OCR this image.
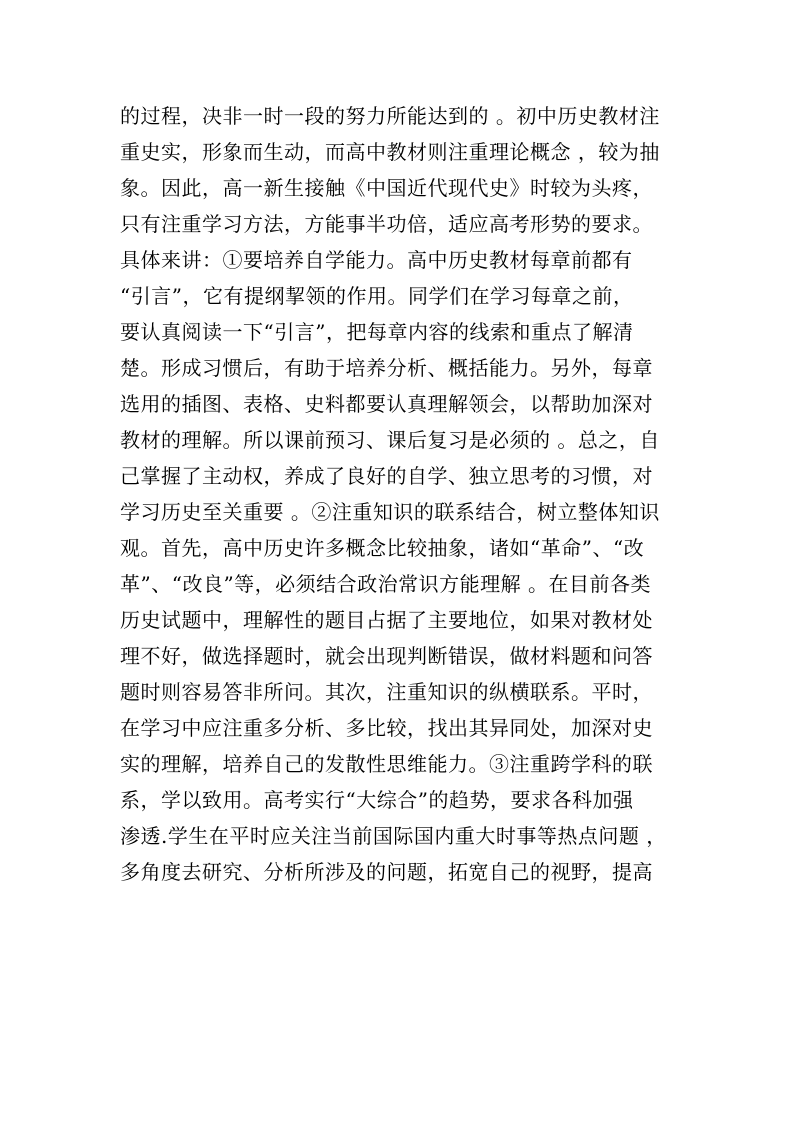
的过程，决非一时一段的努力所能达到的 。初中历史教材注
重史实，形象而生动，而高中教材则注重理论概念 ，较为抽
象。因此，高一新生接触《中国近代现代史》时较为头疼，
只有注重学习方法，方能事半功倍，适应高考形势的要求。
具体来讲：①要培养自学能力。高中历史教材每章前都有
“引言”，它有提纲挈领的作用。同学们在学习每章之前，
要认真阅读一下“引言”，把每章内容的线索和重点了解清
楚。形成习惯后，有助于培养分析、概括能力。另外，每章
选用的插图、表格、史料都要认真理解领会，以帮助加深对
教材的理解。所以课前预习、课后复习是必须的 。总之，自
己掌握了主动权，养成了良好的自学、独立思考的习惯，对
学习历史至关重要 。②注重知识的联系结合，树立整体知识
观。首先，高中历史许多概念比较抽象，诸如“革命”、“改
革”、“改良”等，必须结合政治常识方能理解 。在目前各类
历史试题中，理解性的题目占据了主要地位，如果对教材处
理不好，做选择题时，就会出现判断错误，做材料题和问答
题时则容易答非所问。其次，注重知识的纵横联系。平时，
在学习中应注重多分析、多比较，找出其异同处，加深对史
实的理解，培养自己的发散性思维能力。③注重跨学科的联
系，学以致用。高考实行“大综合”的趋势，要求各科加强
渗透.学生在平时应关注当前国际国内重大时事等热点问题 ，
多角度去研究、分析所涉及的问题，拓宽自己的视野，提高
